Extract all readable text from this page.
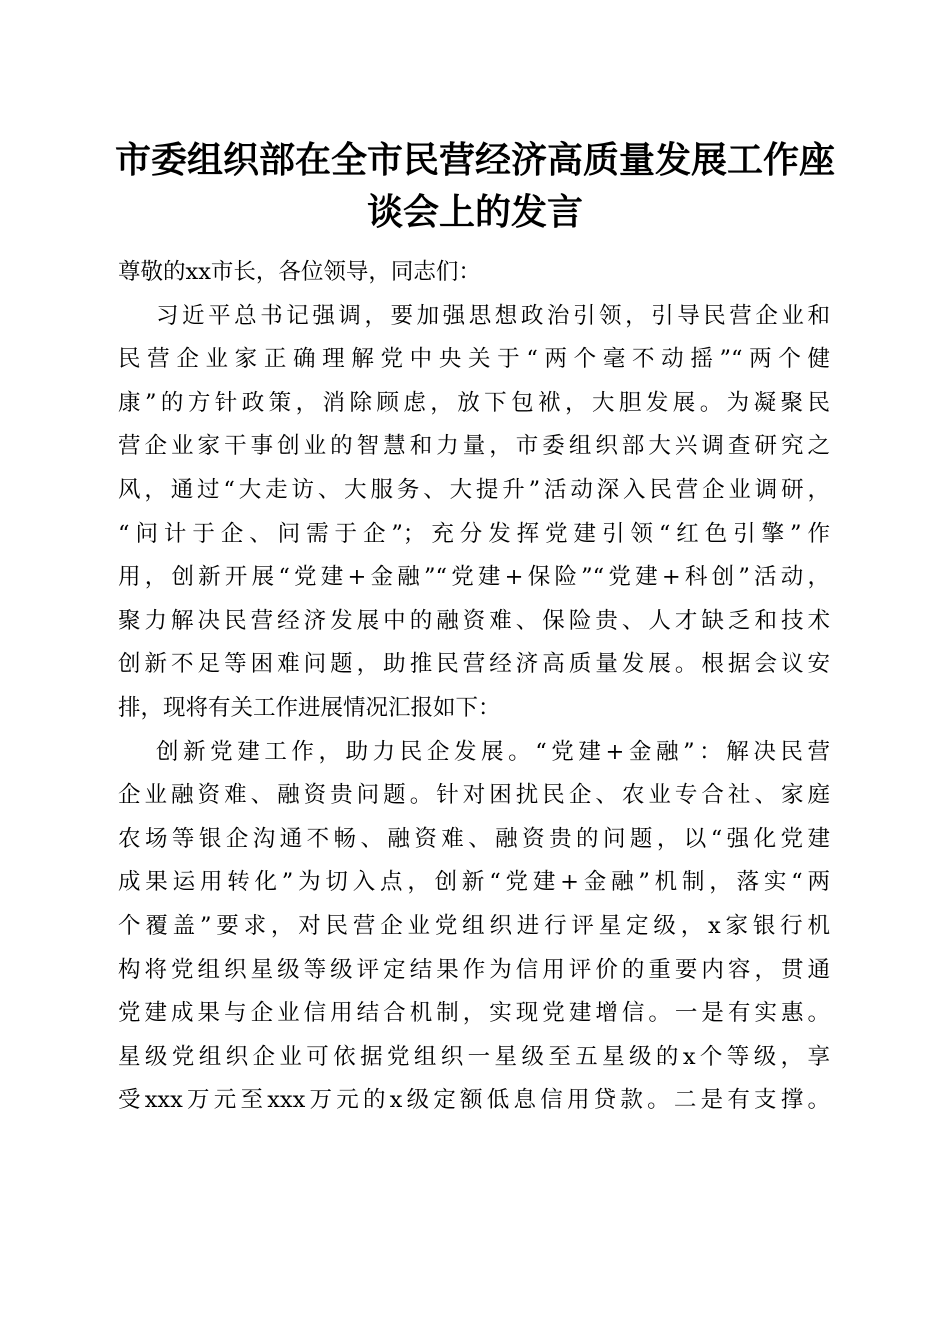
市委组织部在全市民营经济高质量发展工作座
谈会上的发言

尊敬的xx市长，各位领导，同志们：

习近平总书记强调，要加强思想政治引领，引导民营企业和
民营企业家正确理解党中央关于“两个毫不动摇”“两个健
康”的方针政策，消除顾虑，放下包袱，大胆发展。为凝聚民
营企业家干事创业的智慧和力量，市委组织部大兴调查研究之
风，通过“大走访、大服务、大提升”活动深入民营企业调研，
“问计于企、问需于企”；充分发挥党建引领“红色引擎”作
用，创新开展“党建+金融”“党建+保险”“党建+科创”活动，
聚力解决民营经济发展中的融资难、保险贵、人才缺乏和技术
创新不足等困难问题，助推民营经济高质量发展。根据会议安
排，现将有关工作进展情况汇报如下：

创新党建工作，助力民企发展。“党建+金融”：解决民营
企业融资难、融资贵问题。针对困扰民企、农业专合社、家庭
农场等银企沟通不畅、融资难、融资贵的问题，以“强化党建
成果运用转化”为切入点，创新“党建+金融”机制，落实“两
个覆盖”要求，对民营企业党组织进行评星定级，x家银行机
构将党组织星级等级评定结果作为信用评价的重要内容，贯通
党建成果与企业信用结合机制，实现党建增信。一是有实惠。
星级党组织企业可依据党组织一星级至五星级的x个等级，享
受xxx万元至xxx万元的x级定额低息信用贷款。二是有支撑。
